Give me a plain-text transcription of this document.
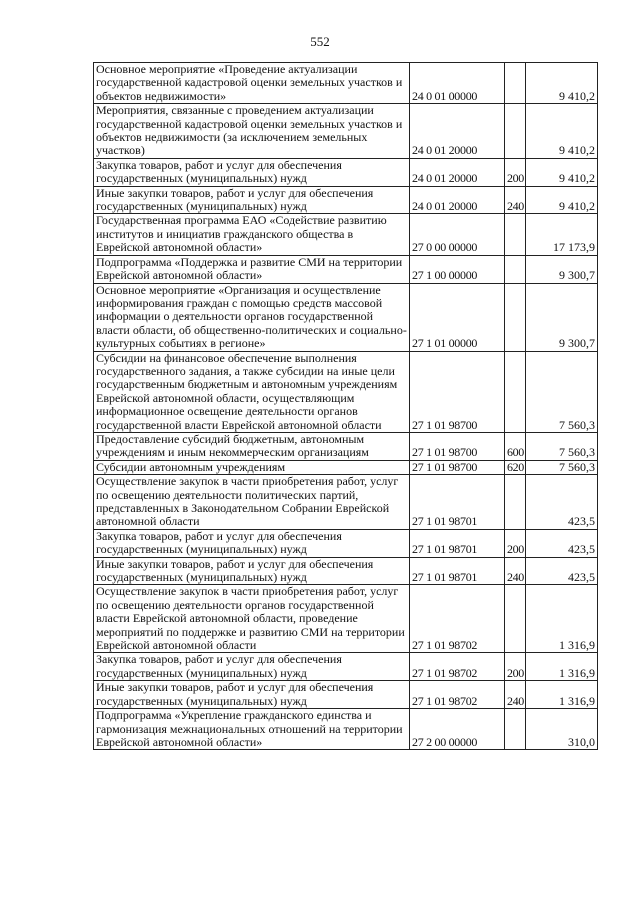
552
Основное мероприятие «Проведение актуализации государственной кадастровой оценки земельных участков и объектов недвижимости»	24 0 01 00000		9 410,2
Мероприятия, связанные с проведением актуализации государственной кадастровой оценки земельных участков и объектов недвижимости (за исключением земельных участков)	24 0 01 20000		9 410,2
Закупка товаров, работ и услуг для обеспечения государственных (муниципальных) нужд	24 0 01 20000	200	9 410,2
Иные закупки товаров, работ и услуг для обеспечения государственных (муниципальных) нужд	24 0 01 20000	240	9 410,2
Государственная программа ЕАО «Содействие развитию институтов и инициатив гражданского общества в Еврейской автономной области»	27 0 00 00000		17 173,9
Подпрограмма «Поддержка и развитие СМИ на территории Еврейской автономной области»	27 1 00 00000		9 300,7
Основное мероприятие «Организация и осуществление информирования граждан с помощью средств массовой информации о деятельности органов государственной власти области, об общественно-политических и социально-культурных событиях в регионе»	27 1 01 00000		9 300,7
Субсидии на финансовое обеспечение выполнения государственного задания, а также субсидии на иные цели государственным бюджетным и автономным учреждениям Еврейской автономной области, осуществляющим информационное освещение деятельности органов государственной власти Еврейской автономной области	27 1 01 98700		7 560,3
Предоставление субсидий бюджетным, автономным учреждениям и иным некоммерческим организациям	27 1 01 98700	600	7 560,3
Субсидии автономным учреждениям	27 1 01 98700	620	7 560,3
Осуществление закупок в части приобретения работ, услуг по освещению деятельности политических партий, представленных в Законодательном Собрании Еврейской автономной области	27 1 01 98701		423,5
Закупка товаров, работ и услуг для обеспечения государственных (муниципальных) нужд	27 1 01 98701	200	423,5
Иные закупки товаров, работ и услуг для обеспечения государственных (муниципальных) нужд	27 1 01 98701	240	423,5
Осуществление закупок в части приобретения работ, услуг по освещению деятельности органов государственной власти Еврейской автономной области, проведение мероприятий по поддержке и развитию СМИ на территории Еврейской автономной области	27 1 01 98702		1 316,9
Закупка товаров, работ и услуг для обеспечения государственных (муниципальных) нужд	27 1 01 98702	200	1 316,9
Иные закупки товаров, работ и услуг для обеспечения государственных (муниципальных) нужд	27 1 01 98702	240	1 316,9
Подпрограмма «Укрепление гражданского единства и гармонизация межнациональных отношений на территории Еврейской автономной области»	27 2 00 00000		310,0
